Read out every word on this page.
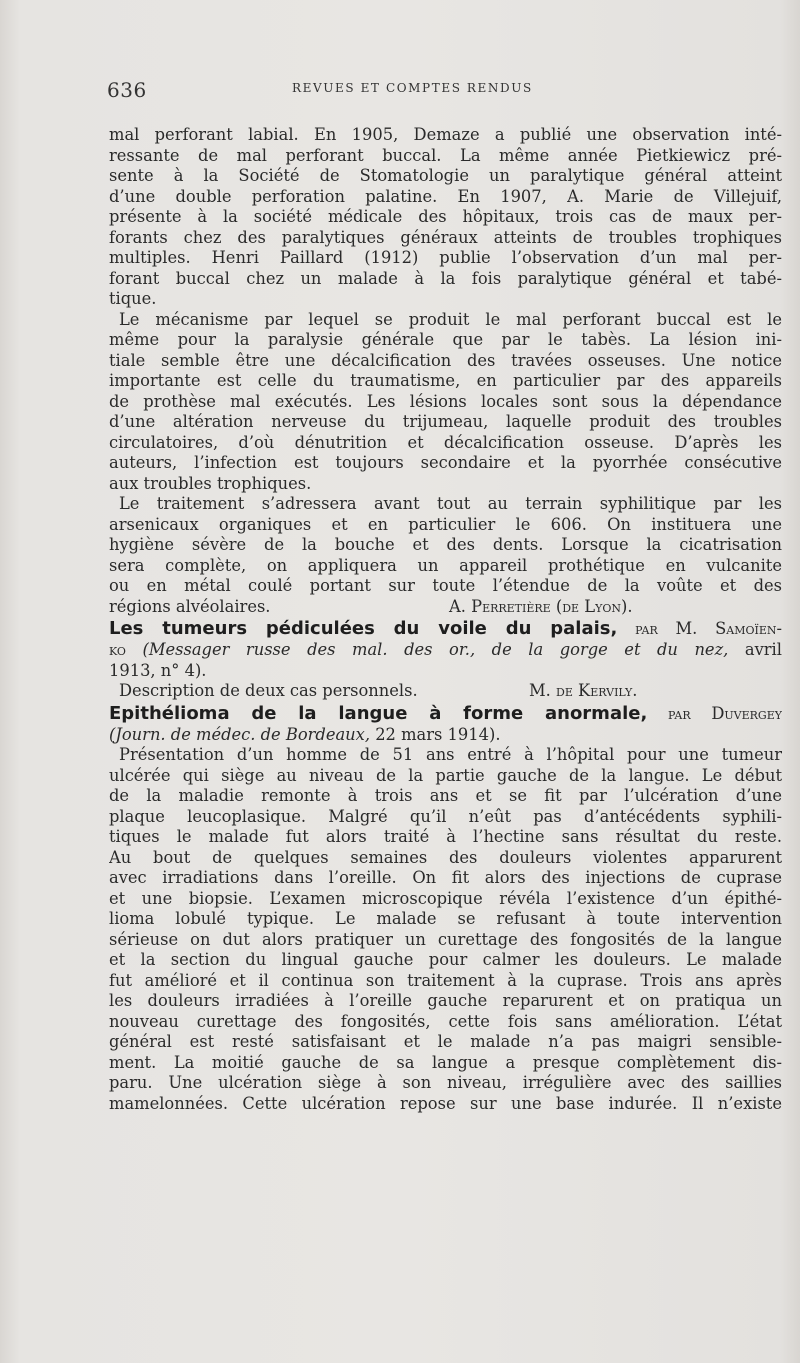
636	REVUES ET COMPTES RENDUS
mal perforant labial. En 1905, Demaze a publié une observation inté-
ressante de mal perforant buccal. La même année Pietkiewicz pré-
sente à la Société de Stomatologie un paralytique général atteint
d’une double perforation palatine. En 1907, A. Marie de Villejuif,
présente à la société médicale des hôpitaux, trois cas de maux per-
forants chez des paralytiques généraux atteints de troubles trophiques
multiples. Henri Paillard (1912) publie l’observation d’un mal per-
forant buccal chez un malade à la fois paralytique général et tabé-
tique.
Le mécanisme par lequel se produit le mal perforant buccal est le
même pour la paralysie générale que par le tabès. La lésion ini-
tiale semble être une décalcification des travées osseuses. Une notice
importante est celle du traumatisme, en particulier par des appareils
de prothèse mal exécutés. Les lésions locales sont sous la dépendance
d’une altération nerveuse du trijumeau, laquelle produit des troubles
circulatoires, d’où dénutrition et décalcification osseuse. D’après les
auteurs, l’infection est toujours secondaire et la pyorrhée consécutive
aux troubles trophiques.
Le traitement s’adressera avant tout au terrain syphilitique par les
arsenicaux organiques et en particulier le 606. On instituera une
hygiène sévère de la bouche et des dents. Lorsque la cicatrisation
sera complète, on appliquera un appareil prothétique en vulcanite
ou en métal coulé portant sur toute l’étendue de la voûte et des
régions alvéolaires.	A. Perretière (de Lyon).
Les tumeurs pédiculées du voile du palais, par M. Samoïen-
ko (Messager russe des mal. des or., de la gorge et du nez, avril
1913, n° 4).
Description de deux cas personnels.	M. de Kervily.
Epithélioma de la langue à forme anormale, par Duvergey
(Journ. de médec. de Bordeaux, 22 mars 1914).
Présentation d’un homme de 51 ans entré à l’hôpital pour une tumeur
ulcérée qui siège au niveau de la partie gauche de la langue. Le début
de la maladie remonte à trois ans et se fit par l’ulcération d’une
plaque leucoplasique. Malgré qu’il n’eût pas d’antécédents syphili-
tiques le malade fut alors traité à l’hectine sans résultat du reste.
Au bout de quelques semaines des douleurs violentes apparurent
avec irradiations dans l’oreille. On fit alors des injections de cuprase
et une biopsie. L’examen microscopique révéla l’existence d’un épithé-
lioma lobulé typique. Le malade se refusant à toute intervention
sérieuse on dut alors pratiquer un curettage des fongosités de la langue
et la section du lingual gauche pour calmer les douleurs. Le malade
fut amélioré et il continua son traitement à la cuprase. Trois ans après
les douleurs irradiées à l’oreille gauche reparurent et on pratiqua un
nouveau curettage des fongosités, cette fois sans amélioration. L’état
général est resté satisfaisant et le malade n’a pas maigri sensible-
ment. La moitié gauche de sa langue a presque complètement dis-
paru. Une ulcération siège à son niveau, irrégulière avec des saillies
mamelonnées. Cette ulcération repose sur une base indurée. Il n’existe
